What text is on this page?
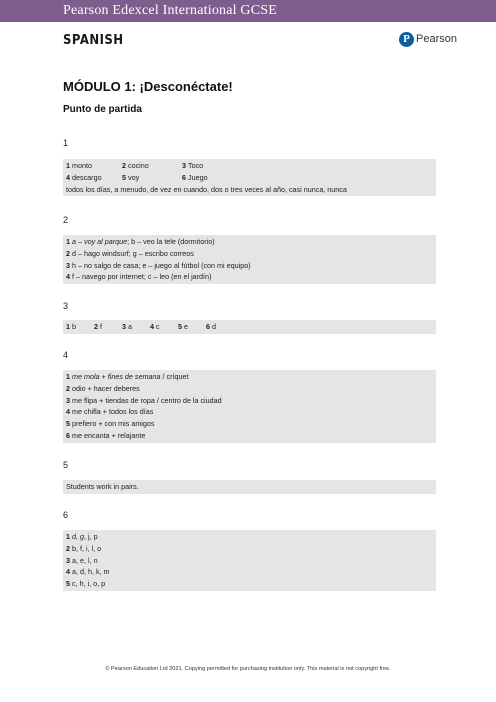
Pearson Edexcel International GCSE
SPANISH	P Pearson
MÓDULO 1: ¡Desconéctate!
Punto de partida
1
1 monto	2 cocino	3 Toco
4 descargo	5 voy	6 Juego
todos los días, a menudo, de vez en cuando, dos o tres veces al año, casi nunca, nunca
2
1 a – voy al parque; b – veo la tele (dormitorio)
2 d – hago windsurf; g – escribo correos
3 h – no salgo de casa; e – juego al fútbol (con mi equipo)
4 f – navego por internet; c – leo (en el jardín)
3
1 b	2 f	3 a	4 c	5 e	6 d
4
1 me mola + fines de semana / críquet
2 odio + hacer deberes
3 me flipa + tiendas de ropa / centro de la ciudad
4 me chifla + todos los días
5 prefiero + con mis amigos
6 me encanta + relajante
5
Students work in pairs.
6
1 d, g, j, p
2 b, f, i, l, o
3 a, e, l, n
4 a, d, h, k, m
5 c, h, i, o, p
© Pearson Education Ltd 2021. Copying permitted for purchasing institution only. This material is not copyright free.
